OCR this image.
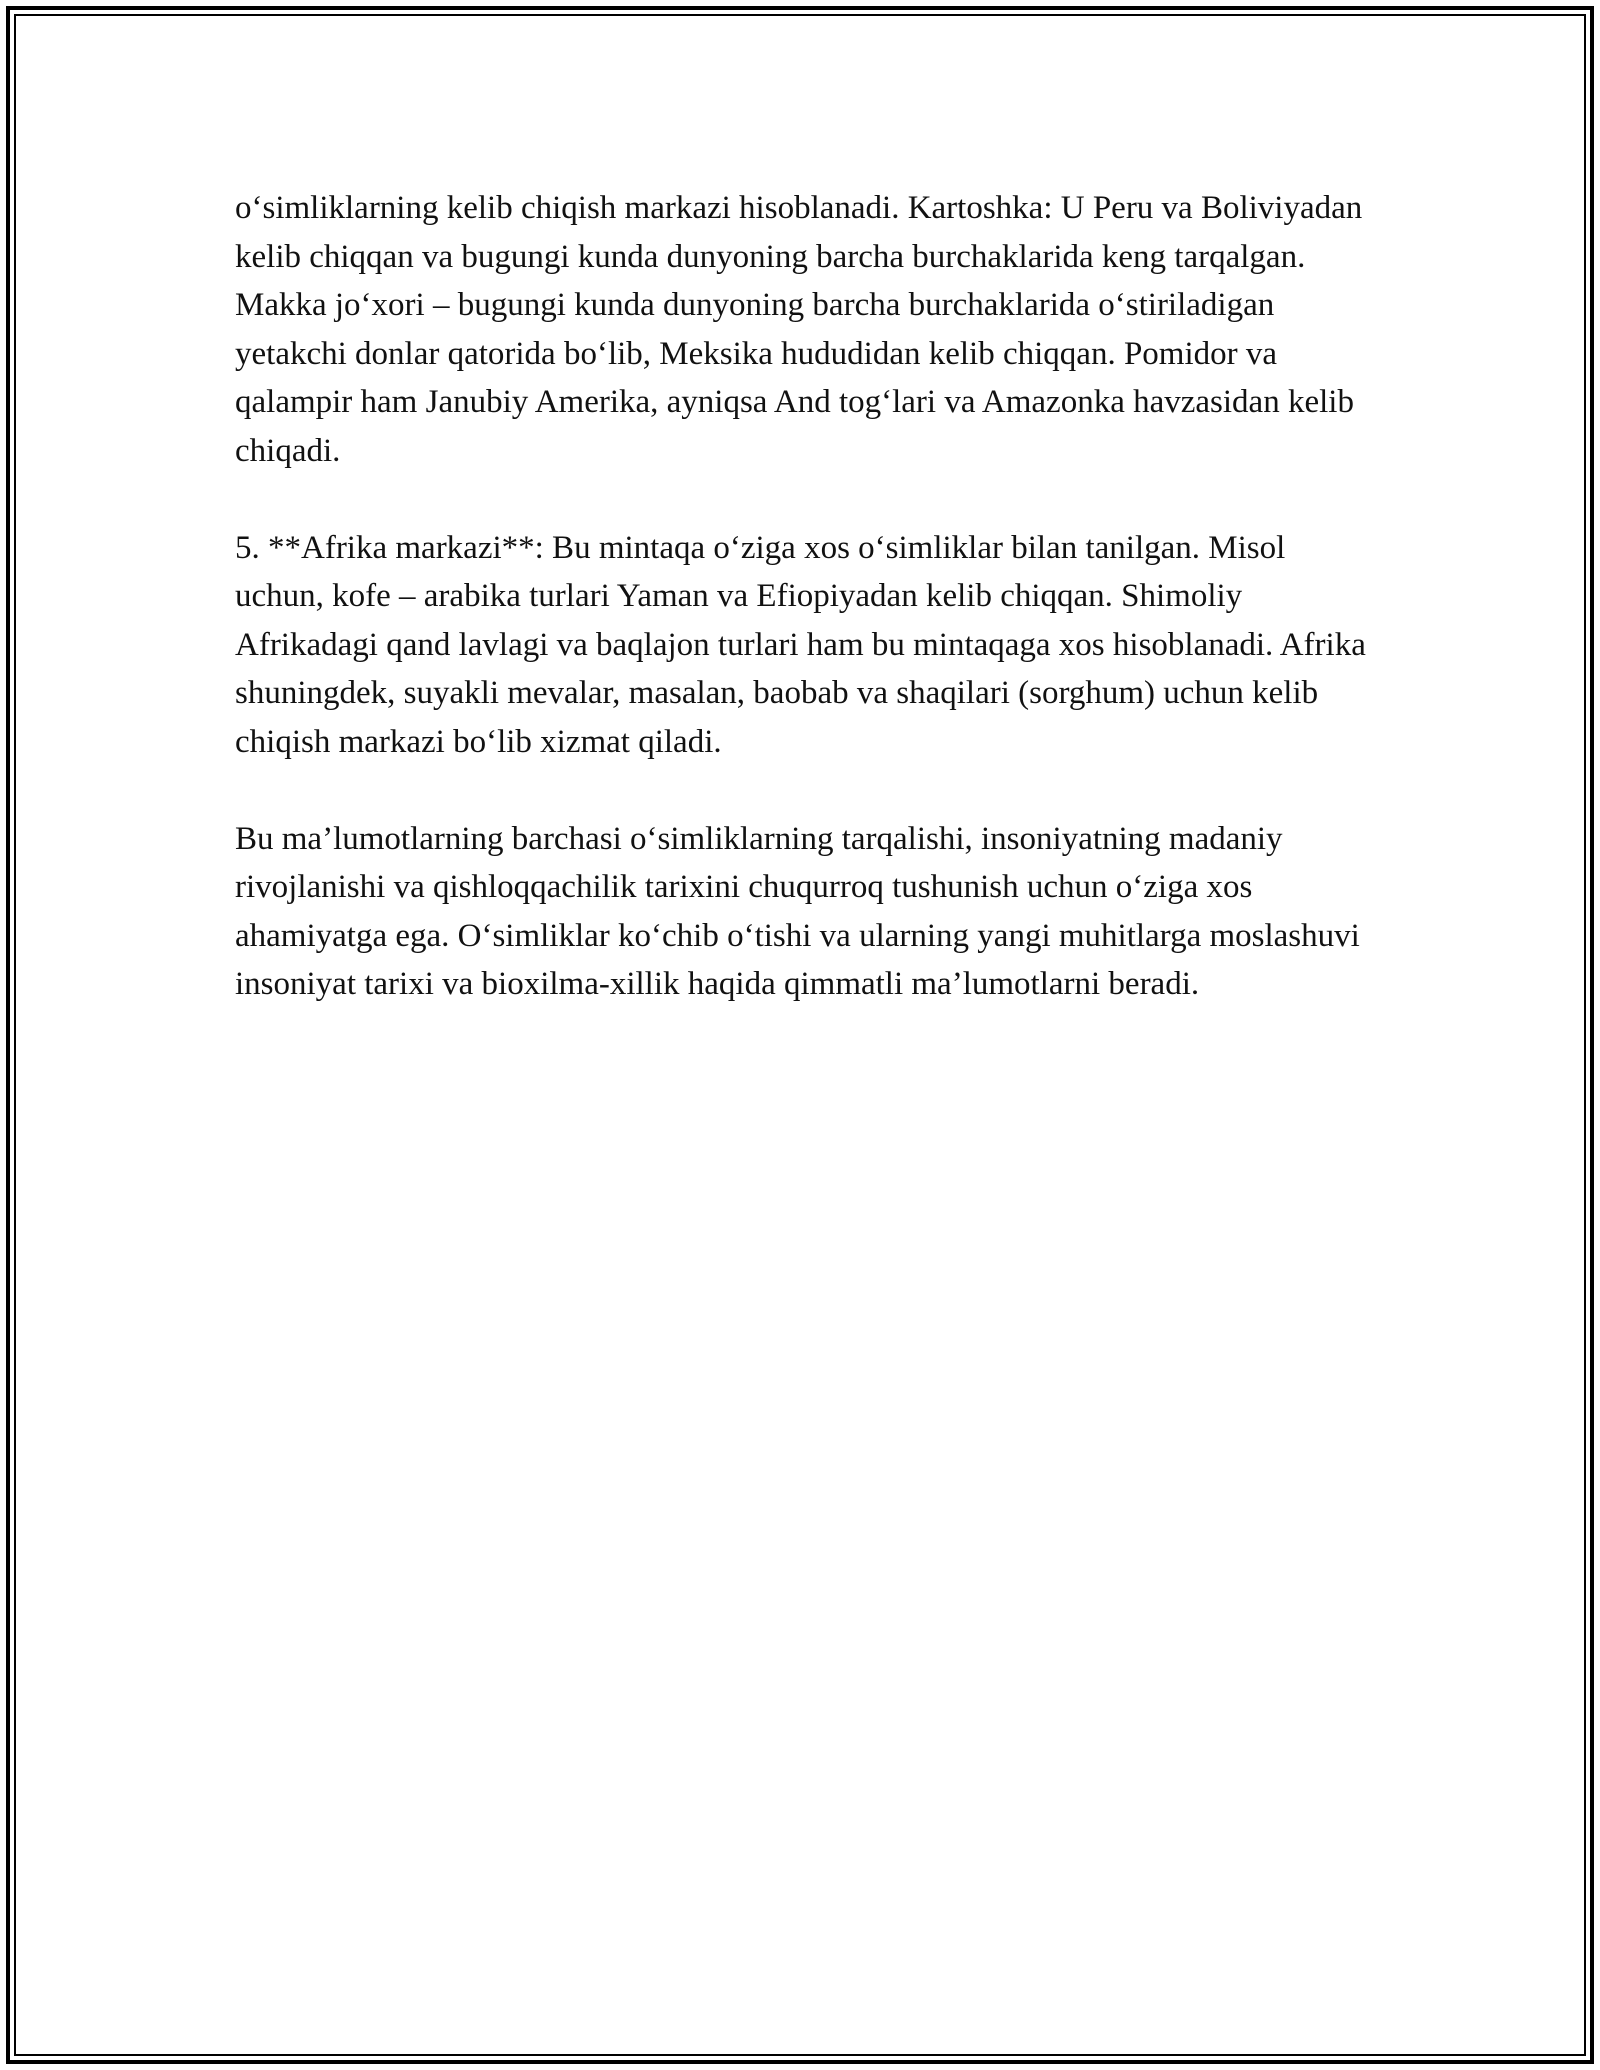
o‘simliklarning kelib chiqish markazi hisoblanadi. Kartoshka: U Peru va Boliviyadan kelib chiqqan va bugungi kunda dunyoning barcha burchaklarida keng tarqalgan. Makka jo‘xori – bugungi kunda dunyoning barcha burchaklarida o‘stiriladigan yetakchi donlar qatorida bo‘lib, Meksika hududidan kelib chiqqan. Pomidor va qalampir ham Janubiy Amerika, ayniqsa And tog‘lari va Amazonka havzasidan kelib chiqadi.

5. **Afrika markazi**: Bu mintaqa o‘ziga xos o‘simliklar bilan tanilgan. Misol uchun, kofe – arabika turlari Yaman va Efiopiyadan kelib chiqqan. Shimoliy Afrikadagi qand lavlagi va baqlajon turlari ham bu mintaqaga xos hisoblanadi. Afrika shuningdek, suyakli mevalar, masalan, baobab va shaqilari (sorghum) uchun kelib chiqish markazi bo‘lib xizmat qiladi.

Bu ma’lumotlarning barchasi o‘simliklarning tarqalishi, insoniyatning madaniy rivojlanishi va qishloqqachilik tarixini chuqurroq tushunish uchun o‘ziga xos ahamiyatga ega. O‘simliklar ko‘chib o‘tishi va ularning yangi muhitlarga moslashuvi insoniyat tarixi va bioxilma-xillik haqida qimmatli ma’lumotlarni beradi.
